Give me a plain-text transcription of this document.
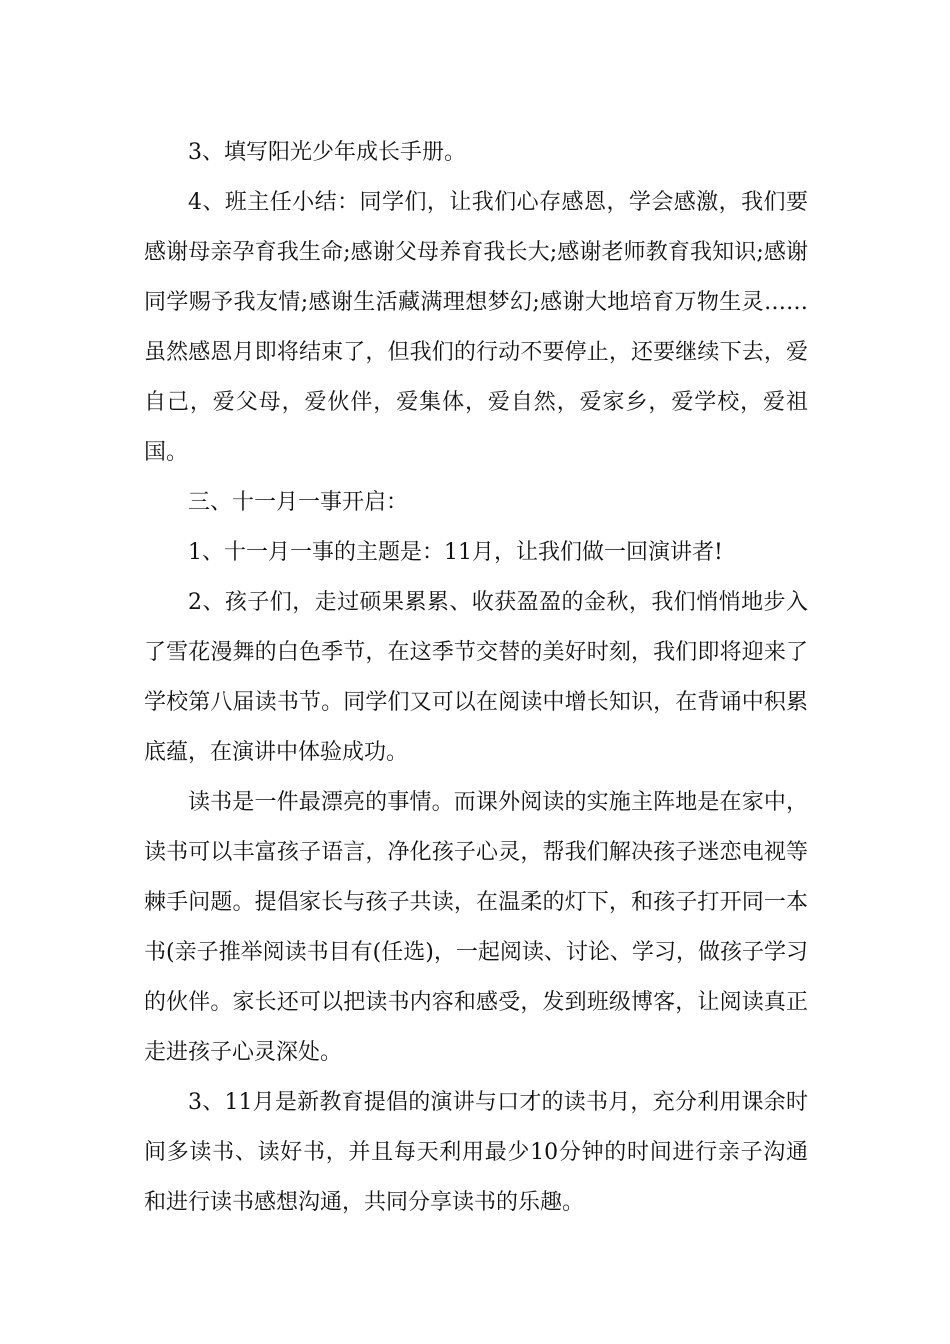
3、填写阳光少年成长手册。

4、班主任小结：同学们，让我们心存感恩，学会感激，我们要感谢母亲孕育我生命;感谢父母养育我长大;感谢老师教育我知识;感谢同学赐予我友情;感谢生活藏满理想梦幻;感谢大地培育万物生灵……虽然感恩月即将结束了，但我们的行动不要停止，还要继续下去，爱自己，爱父母，爱伙伴，爱集体，爱自然，爱家乡，爱学校，爱祖国。

三、十一月一事开启：

1、十一月一事的主题是：11月，让我们做一回演讲者!

2、孩子们，走过硕果累累、收获盈盈的金秋，我们悄悄地步入了雪花漫舞的白色季节，在这季节交替的美好时刻，我们即将迎来了学校第八届读书节。同学们又可以在阅读中增长知识，在背诵中积累底蕴，在演讲中体验成功。

读书是一件最漂亮的事情。而课外阅读的实施主阵地是在家中，读书可以丰富孩子语言，净化孩子心灵，帮我们解决孩子迷恋电视等棘手问题。提倡家长与孩子共读，在温柔的灯下，和孩子打开同一本书(亲子推举阅读书目有(任选)，一起阅读、讨论、学习，做孩子学习的伙伴。家长还可以把读书内容和感受，发到班级博客，让阅读真正走进孩子心灵深处。

3、11月是新教育提倡的演讲与口才的读书月，充分利用课余时间多读书、读好书，并且每天利用最少10分钟的时间进行亲子沟通和进行读书感想沟通，共同分享读书的乐趣。
